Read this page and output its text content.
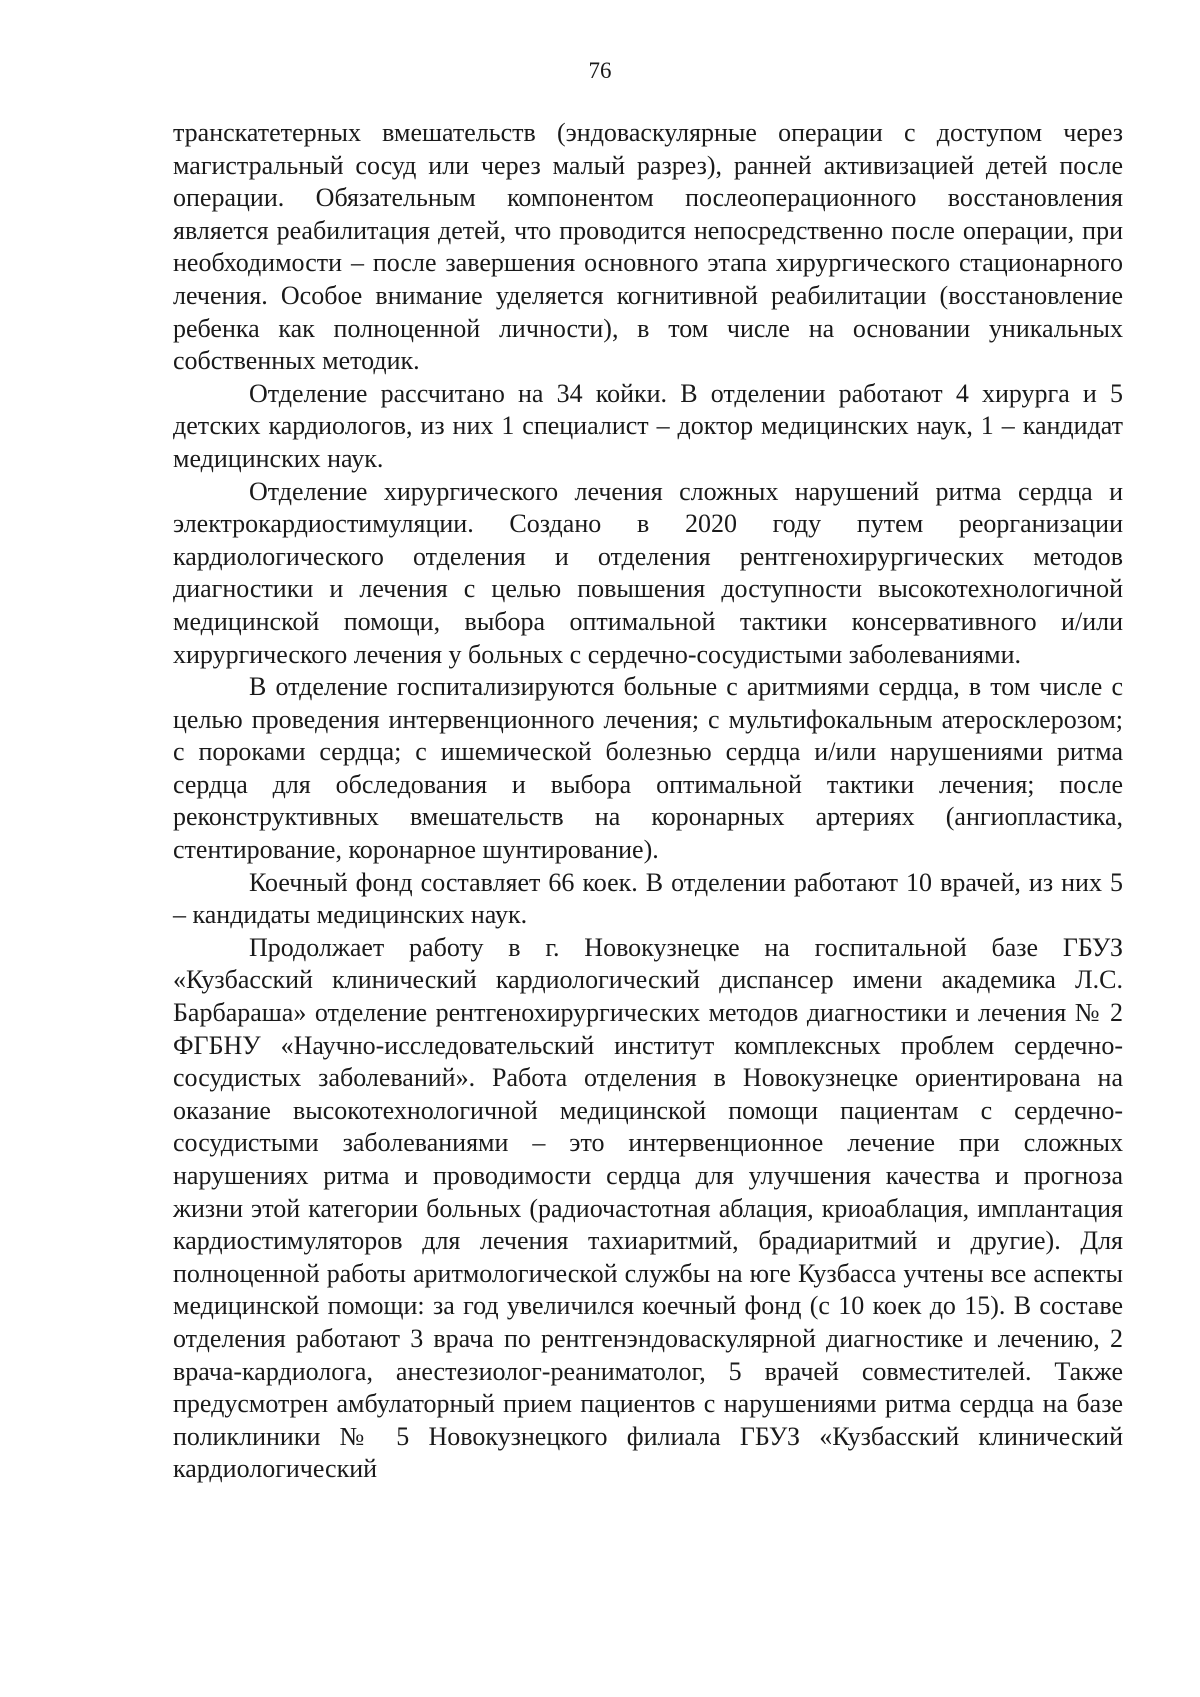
76

транскатетерных вмешательств (эндоваскулярные операции с доступом через магистральный сосуд или через малый разрез), ранней активизацией детей после операции. Обязательным компонентом послеоперационного восстановления является реабилитация детей, что проводится непосредственно после операции, при необходимости – после завершения основного этапа хирургического стационарного лечения. Особое внимание уделяется когнитивной реабилитации (восстановление ребенка как полноценной личности), в том числе на основании уникальных собственных методик.

Отделение рассчитано на 34 койки. В отделении работают 4 хирурга и 5 детских кардиологов, из них 1 специалист – доктор медицинских наук, 1 – кандидат медицинских наук.

Отделение хирургического лечения сложных нарушений ритма сердца и электрокардиостимуляции. Создано в 2020 году путем реорганизации кардиологического отделения и отделения рентгенохирургических методов диагностики и лечения с целью повышения доступности высокотехнологичной медицинской помощи, выбора оптимальной тактики консервативного и/или хирургического лечения у больных с сердечно-сосудистыми заболеваниями.

В отделение госпитализируются больные с аритмиями сердца, в том числе с целью проведения интервенционного лечения; с мультифокальным атеросклерозом; с пороками сердца; с ишемической болезнью сердца и/или нарушениями ритма сердца для обследования и выбора оптимальной тактики лечения; после реконструктивных вмешательств на коронарных артериях (ангиопластика, стентирование, коронарное шунтирование).

Коечный фонд составляет 66 коек. В отделении работают 10 врачей, из них 5 – кандидаты медицинских наук.

Продолжает работу в г. Новокузнецке на госпитальной базе ГБУЗ «Кузбасский клинический кардиологический диспансер имени академика Л.С. Барбараша» отделение рентгенохирургических методов диагностики и лечения № 2 ФГБНУ «Научно-исследовательский институт комплексных проблем сердечно-сосудистых заболеваний». Работа отделения в Новокузнецке ориентирована на оказание высокотехнологичной медицинской помощи пациентам с сердечно-сосудистыми заболеваниями – это интервенционное лечение при сложных нарушениях ритма и проводимости сердца для улучшения качества и прогноза жизни этой категории больных (радиочастотная аблация, криоаблация, имплантация кардиостимуляторов для лечения тахиаритмий, брадиаритмий и другие). Для полноценной работы аритмологической службы на юге Кузбасса учтены все аспекты медицинской помощи: за год увеличился коечный фонд (с 10 коек до 15). В составе отделения работают 3 врача по рентгенэндоваскулярной диагностике и лечению, 2 врача-кардиолога, анестезиолог-реаниматолог, 5 врачей совместителей. Также предусмотрен амбулаторный прием пациентов с нарушениями ритма сердца на базе поликлиники № 5 Новокузнецкого филиала ГБУЗ «Кузбасский клинический кардиологический
